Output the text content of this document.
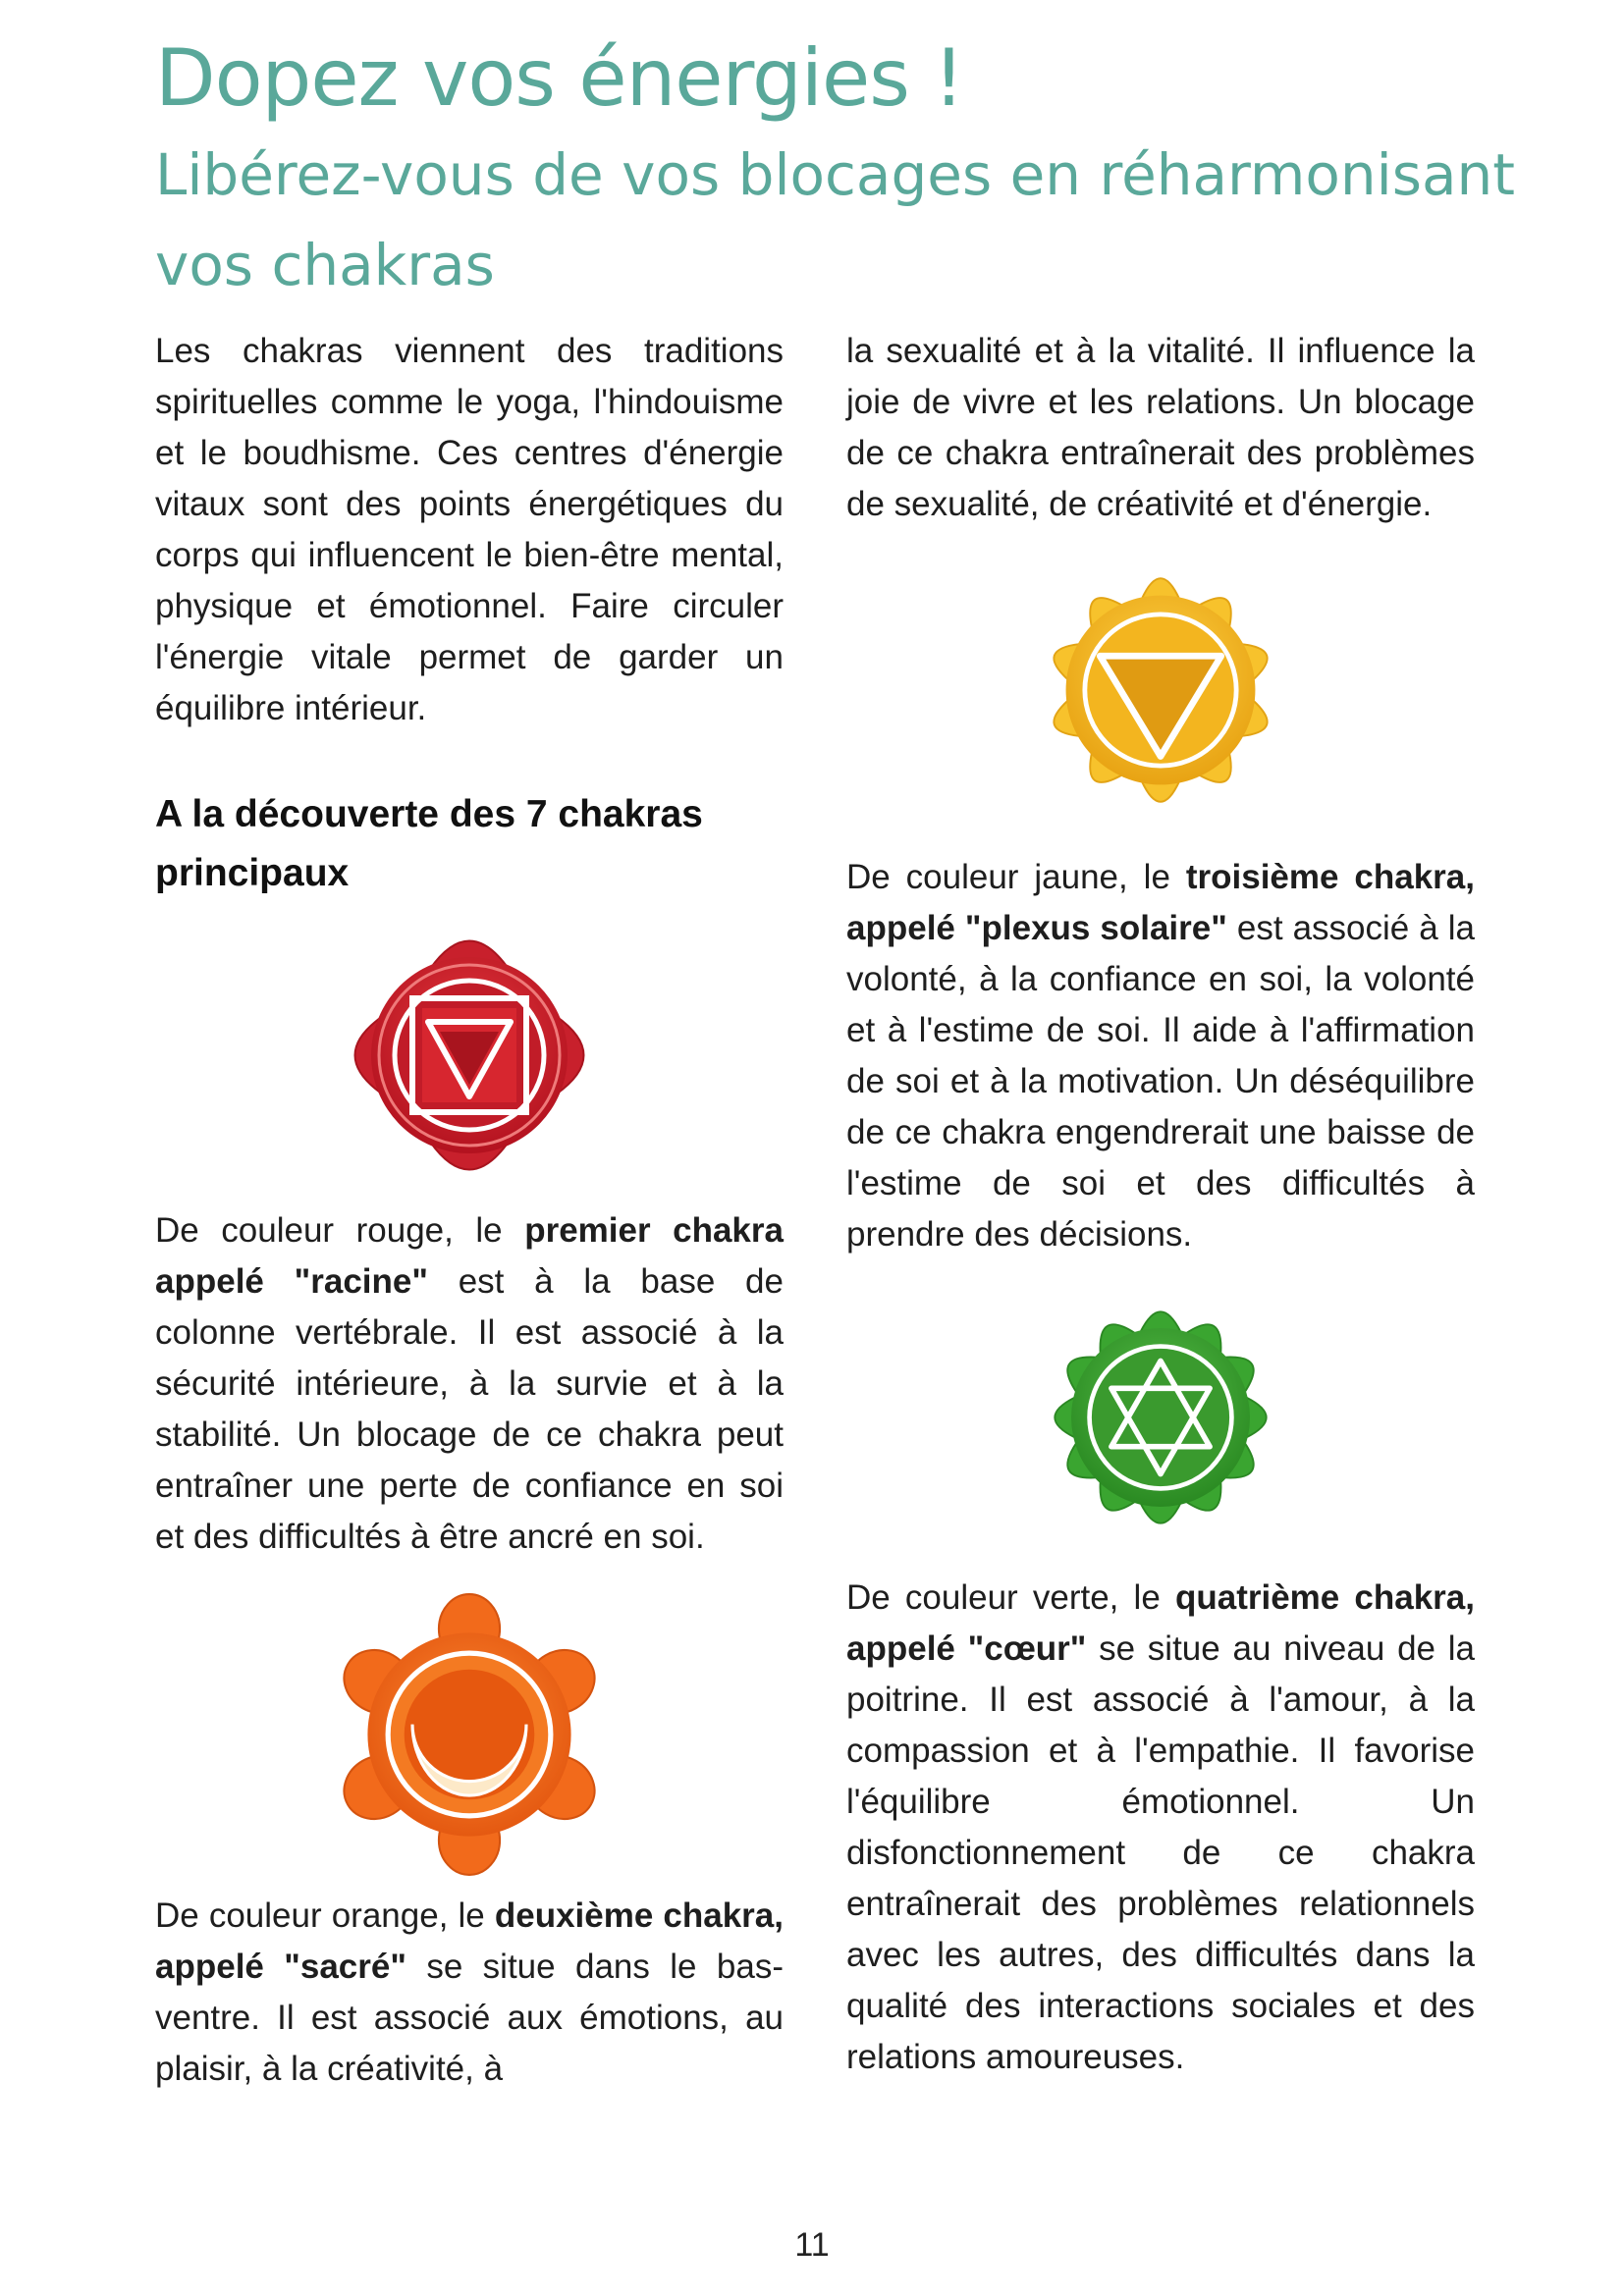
Dopez vos énergies !
Libérez-vous de vos blocages en réharmonisant vos chakras

Les chakras viennent des traditions spirituelles comme le yoga, l'hindouisme et le boudhisme. Ces centres d'énergie vitaux sont des points énergétiques du corps qui influencent le bien-être mental, physique et émotionnel. Faire circuler l'énergie vitale permet de garder un équilibre intérieur.

A la découverte des 7 chakras principaux

De couleur rouge, le premier chakra appelé "racine" est à la base de colonne vertébrale. Il est associé à la sécurité intérieure, à la survie et à la stabilité. Un blocage de ce chakra peut entraîner une perte de confiance en soi et des difficultés à être ancré en soi.

De couleur orange, le deuxième chakra, appelé "sacré" se situe dans le bas-ventre. Il est associé aux émotions, au plaisir, à la créativité, à

la sexualité et à la vitalité. Il influence la joie de vivre et les relations. Un blocage de ce chakra entraînerait des problèmes de sexualité, de créativité et d'énergie.

De couleur jaune, le troisième chakra, appelé "plexus solaire" est associé à la volonté, à la confiance en soi, la volonté et à l'estime de soi. Il aide à l'affirmation de soi et à la motivation. Un déséquilibre de ce chakra engendrerait une baisse de l'estime de soi et des difficultés à prendre des décisions.

De couleur verte, le quatrième chakra, appelé "cœur" se situe au niveau de la poitrine. Il est associé à l'amour, à la compassion et à l'empathie. Il favorise l'équilibre émotionnel. Un disfonctionnement de ce chakra entraînerait des problèmes relationnels avec les autres, des difficultés dans la qualité des interactions sociales et des relations amoureuses.

11
